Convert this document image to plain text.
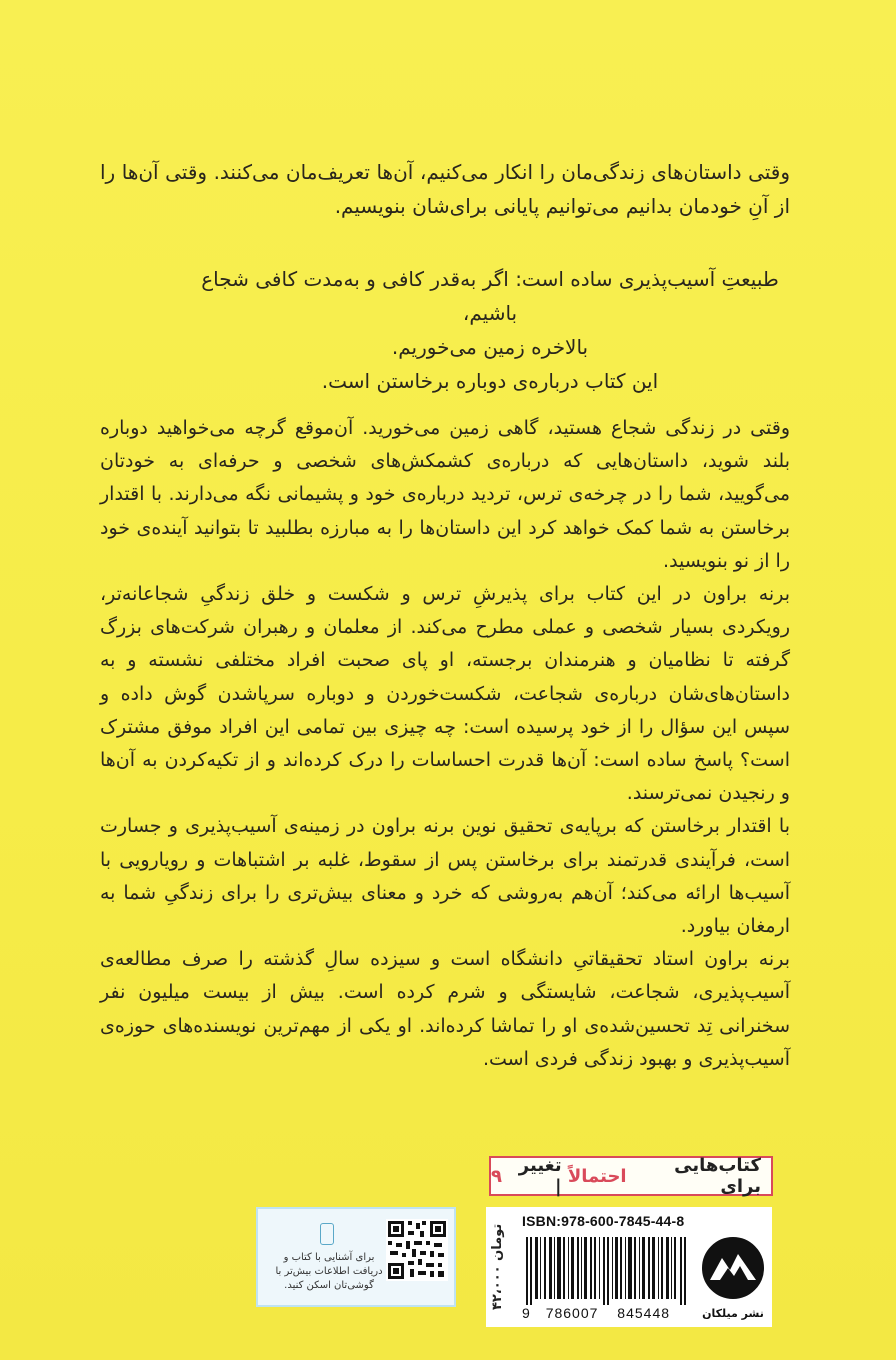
وقتی داستان‌های زندگی‌مان را انکار می‌کنیم، آن‌ها تعریف‌مان می‌کنند. وقتی آن‌ها را از آنِ خودمان بدانیم می‌توانیم پایانی برای‌شان بنویسیم.

طبیعتِ آسیب‌پذیری ساده است: اگر به‌قدر کافی و به‌مدت کافی شجاع باشیم،

بالاخره زمین می‌خوریم.

این کتاب درباره‌ی دوباره برخاستن است.

وقتی در زندگی شجاع هستید، گاهی زمین می‌خورید. آن‌موقع گرچه می‌خواهید دوباره بلند شوید، داستان‌هایی که درباره‌ی کشمکش‌های شخصی و حرفه‌ای به خودتان می‌گویید، شما را در چرخه‌ی ترس، تردید درباره‌ی خود و پشیمانی نگه می‌دارند. با اقتدار برخاستن به شما کمک خواهد کرد این داستان‌ها را به مبارزه بطلبید تا بتوانید آینده‌ی خود را از نو بنویسید.

برنه براون در این کتاب برای پذیرشِ ترس و شکست و خلق زندگیِ شجاعانه‌تر، رویکردی بسیار شخصی و عملی مطرح می‌کند. از معلمان و رهبران شرکت‌های بزرگ گرفته تا نظامیان و هنرمندان برجسته، او پای صحبت افراد مختلفی نشسته و به داستان‌های‌شان درباره‌ی شجاعت، شکست‌خوردن و دوباره سرپاشدن گوش داده و سپس این سؤال را از خود پرسیده است: چه چیزی بین تمامی این افراد موفق مشترک است؟ پاسخ ساده است: آن‌ها قدرت احساسات را درک کرده‌اند و از تکیه‌کردن به آن‌ها و رنجیدن نمی‌ترسند.

با اقتدار برخاستن که برپایه‌ی تحقیق نوین برنه براون در زمینه‌ی آسیب‌پذیری و جسارت است، فرآیندی قدرتمند برای برخاستن پس از سقوط، غلبه بر اشتباهات و رویارویی با آسیب‌ها ارائه می‌کند؛ آن‌هم به‌روشی که خرد و معنای بیش‌تری را برای زندگیِ شما به ارمغان بیاورد.

برنه براون استاد تحقیقاتیِ دانشگاه است و سیزده سالِ گذشته را صرف مطالعه‌ی آسیب‌پذیری، شجاعت، شایستگی و شرم کرده است. بیش از بیست میلیون نفر سخنرانی تِد تحسین‌شده‌ی او را تماشا کرده‌اند. او یکی از مهم‌ترین نویسنده‌های حوزه‌ی آسیب‌پذیری و بهبود زندگی فردی است.

کتاب‌هایی برای

احتمالاً

تغییر |

۹
برای آشنایی با کتاب و دریافت اطلاعات بیش‌تر با گوشی‌تان اسکن کنید.	۴۲،۰۰۰ تومان
ISBN:978-600-7845-44-8
9 786007 845448	نشر میلکان
